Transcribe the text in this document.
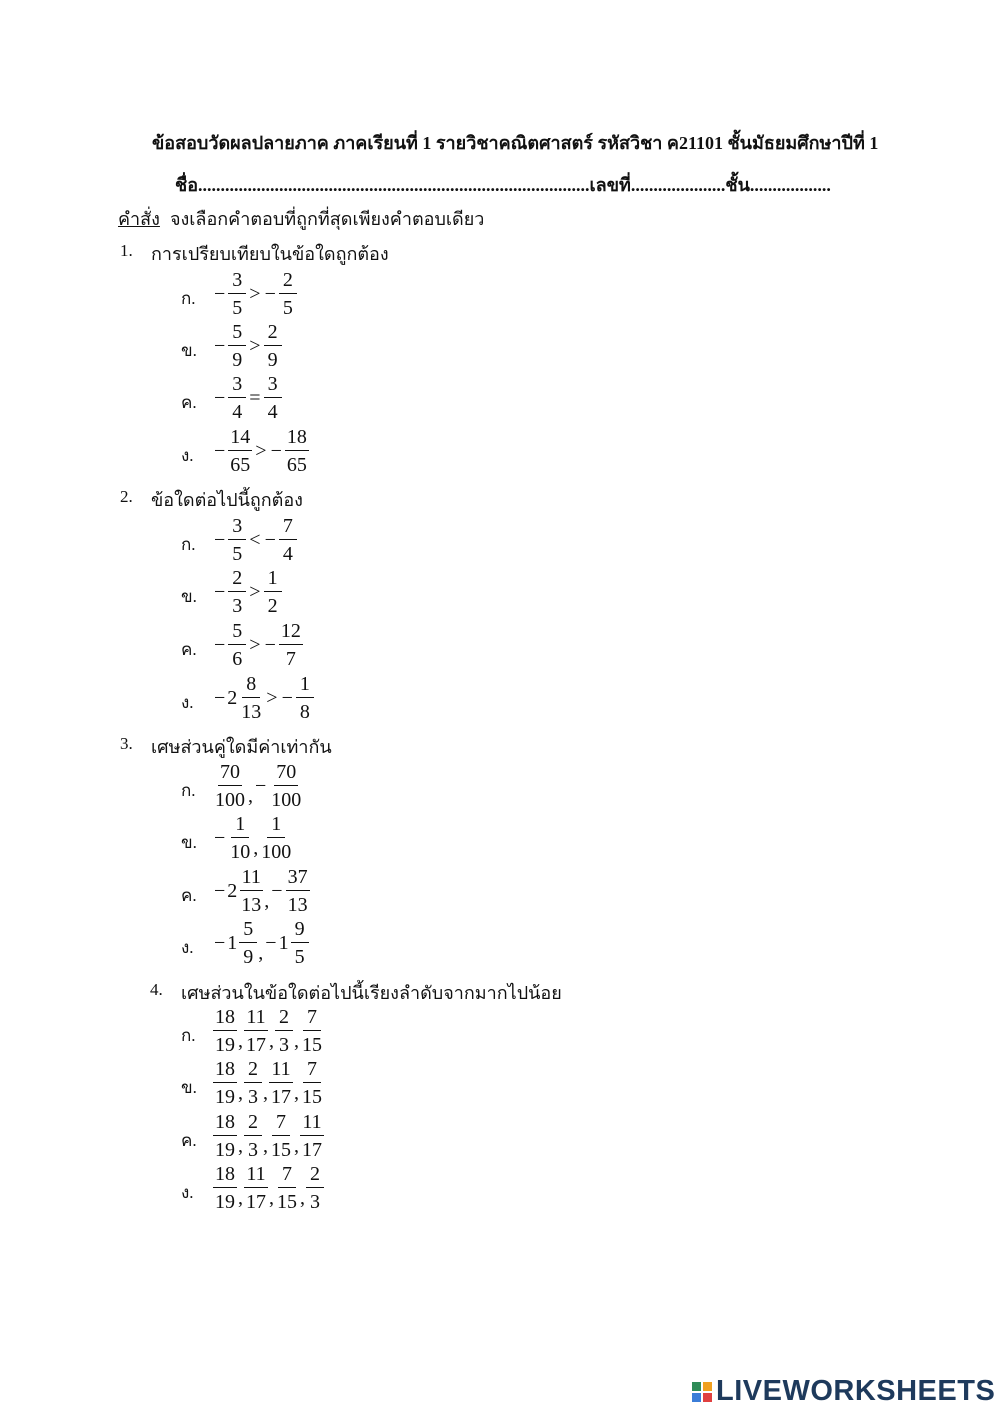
ข้อสอบวัดผลปลายภาค ภาคเรียนที่ 1 รายวิชาคณิตศาสตร์ รหัสวิชา ค21101 ชั้นมัธยมศึกษาปีที่ 1
ชื่อ.......................................................................................เลขที่.....................ชั้น..................
คำสั่ง จงเลือกคำตอบที่ถูกที่สุดเพียงคำตอบเดียว
1. การเปรียบเทียบในข้อใดถูกต้อง
ก. − $\frac{3}{5}$ > − $\frac{2}{5}$
ข. − $\frac{5}{9} > \frac{2}{9}$
ค. − $\frac{3}{4} = \frac{3}{4}$
ง. − $\frac{14}{65}$ > − $\frac{18}{65}$
2. ข้อใดต่อไปนี้ถูกต้อง
ก. − $\frac{3}{5}$ < − $\frac{7}{4}$
ข. − $\frac{2}{3} > \frac{1}{2}$
ค. − $\frac{5}{6}$ > − $\frac{12}{7}$
ง. − $2 \frac{8}{13}$ > − $\frac{1}{8}$
3. เศษส่วนคู่ใดมีค่าเท่ากัน
ก. $\frac{70}{100}$ , − $\frac{70}{100}$
ข. − $\frac{1}{10}$ , $\frac{1}{100}$
ค. − $2 \frac{11}{13}$ , − $\frac{37}{13}$
ง. − $1 \frac{5}{9}$ , − $1 \frac{9}{5}$
4. เศษส่วนในข้อใดต่อไปนี้เรียงลำดับจากมากไปน้อย
ก. $\frac{18}{19}$ , $\frac{11}{17}$ , $\frac{2}{3}$ , $\frac{7}{15}$
ข. $\frac{18}{19}$ , $\frac{2}{3}$ , $\frac{11}{17}$ , $\frac{7}{15}$
ค. $\frac{18}{19}$ , $\frac{2}{3}$ , $\frac{7}{15}$ , $\frac{11}{17}$
ง. $\frac{18}{19}$ , $\frac{11}{17}$ , $\frac{7}{15}$ , $\frac{2}{3}$
LIVEWORKSHEETS
